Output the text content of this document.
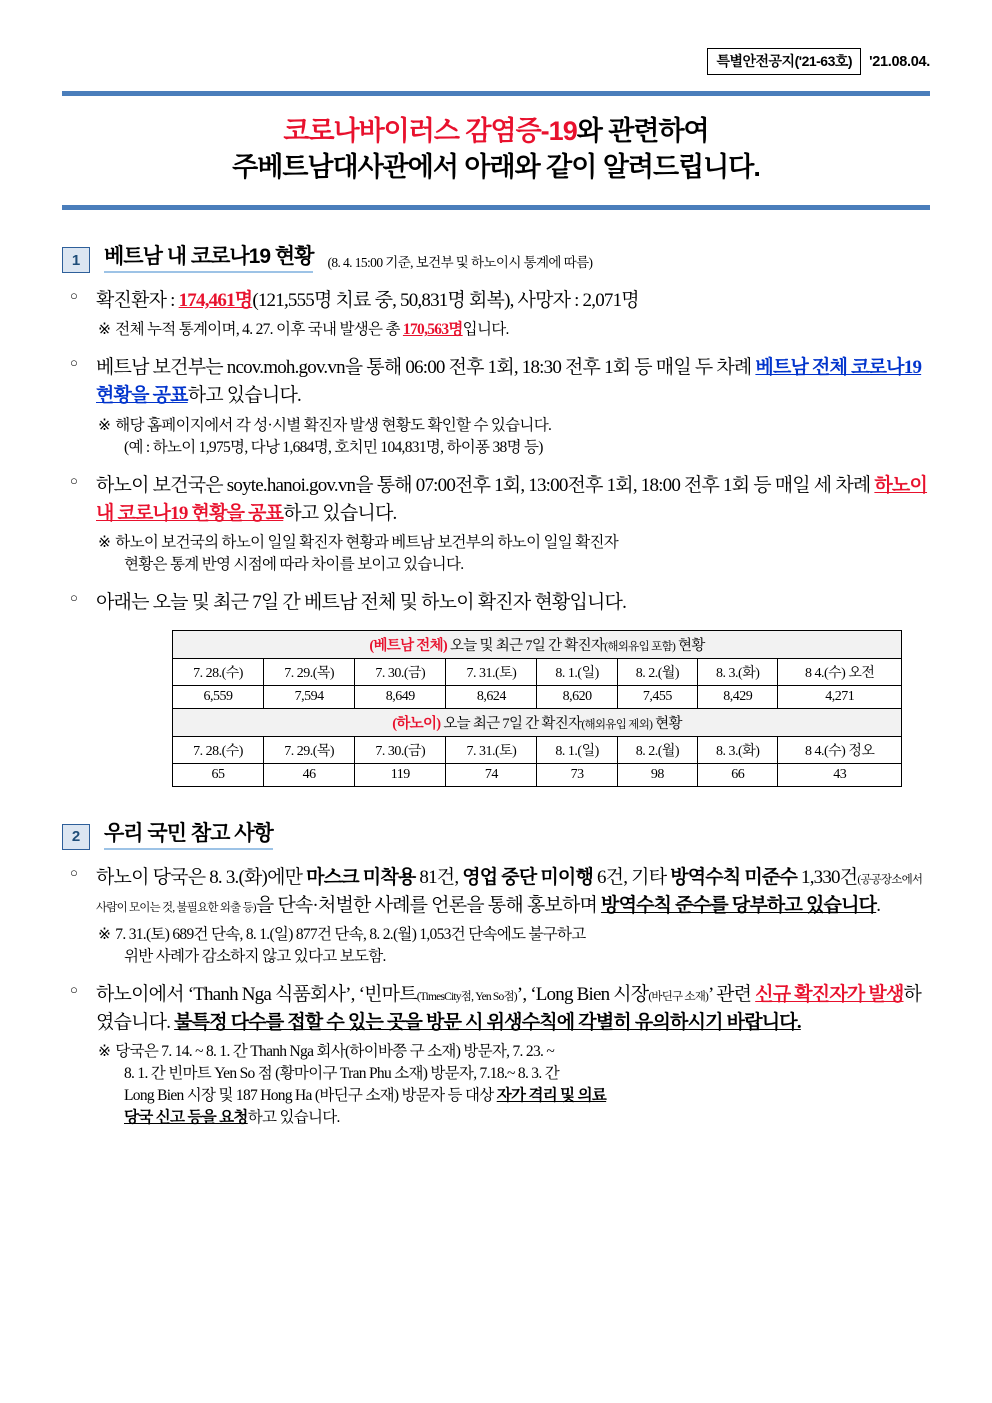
특별안전공지('21-63호)	'21.08.04.
코로나바이러스 감염증-19와 관련하여
주베트남대사관에서 아래와 같이 알려드립니다.
1	베트남 내 코로나19 현황 (8. 4. 15:00 기준, 보건부 및 하노이시 통계에 따름)
○ 확진환자 : 174,461명(121,555명 치료 중, 50,831명 회복), 사망자 : 2,071명
※ 전체 누적 통계이며, 4. 27. 이후 국내 발생은 총 170,563명입니다.
○ 베트남 보건부는 ncov.moh.gov.vn을 통해 06:00 전후 1회, 18:30 전후 1회 등 매일 두 차례 베트남 전체 코로나19 현황을 공표하고 있습니다.
※ 해당 홈페이지에서 각 성·시별 확진자 발생 현황도 확인할 수 있습니다.
(예 : 하노이 1,975명, 다낭 1,684명, 호치민 104,831명, 하이퐁 38명 등)
○ 하노이 보건국은 soyte.hanoi.gov.vn을 통해 07:00전후 1회, 13:00전후 1회, 18:00 전후 1회 등 매일 세 차례 하노이 내 코로나19 현황을 공표하고 있습니다.
※ 하노이 보건국의 하노이 일일 확진자 현황과 베트남 보건부의 하노이 일일 확진자
현황은 통계 반영 시점에 따라 차이를 보이고 있습니다.
○ 아래는 오늘 및 최근 7일 간 베트남 전체 및 하노이 확진자 현황입니다.
(베트남 전체) 오늘 및 최근 7일 간 확진자(해외유입 포함) 현황							
7. 28.(수)	7. 29.(목)	7. 30.(금)	7. 31.(토)	8. 1.(일)	8. 2.(월)	8. 3.(화)	8 4.(수) 오전
6,559	7,594	8,649	8,624	8,620	7,455	8,429	4,271
(하노이) 오늘 최근 7일 간 확진자(해외유입 제외) 현황							
7. 28.(수)	7. 29.(목)	7. 30.(금)	7. 31.(토)	8. 1.(일)	8. 2.(월)	8. 3.(화)	8 4.(수) 정오
65	46	119	74	73	98	66	43
2	우리 국민 참고 사항
○ 하노이 당국은 8. 3.(화)에만 마스크 미착용 81건, 영업 중단 미이행 6건, 기타 방역수칙 미준수 1,330건(공공장소에서 사람이 모이는 것, 불필요한 외출 등)을 단속·처벌한 사례를 언론을 통해 홍보하며 방역수칙 준수를 당부하고 있습니다.
※ 7. 31.(토) 689건 단속, 8. 1.(일) 877건 단속, 8. 2.(월) 1,053건 단속에도 불구하고
위반 사례가 감소하지 않고 있다고 보도함.
○ 하노이에서 ‘Thanh Nga 식품회사’, ‘빈마트(TimesCity점, Yen So점)’, ‘Long Bien 시장(바딘구 소재)’ 관련 신규 확진자가 발생하였습니다. 불특정 다수를 접할 수 있는 곳을 방문 시 위생수칙에 각별히 유의하시기 바랍니다.
※ 당국은 7. 14. ~ 8. 1. 간 Thanh Nga 회사(하이바쯩 구 소재) 방문자, 7. 23. ~
8. 1. 간 빈마트 Yen So 점 (황마이구 Tran Phu 소재) 방문자, 7.18.~ 8. 3. 간
Long Bien 시장 및 187 Hong Ha (바딘구 소재) 방문자 등 대상 자가 격리 및 의료
당국 신고 등을 요청하고 있습니다.
